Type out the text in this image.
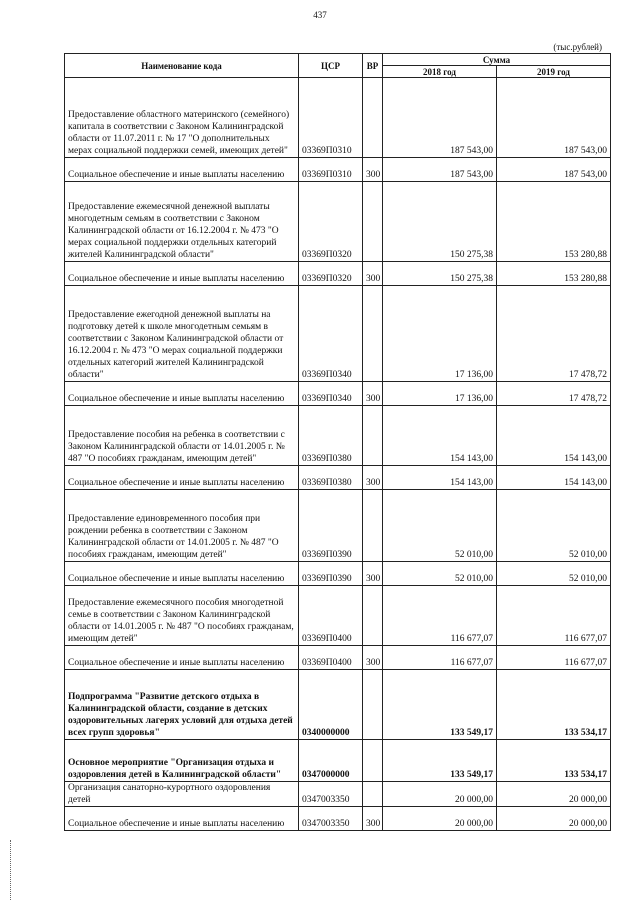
437
(тыс.рублей)
Наименование кода	ЦСР	ВР	Сумма	
			2018 год	2019 год
Предоставление областного материнского (семейного) капитала в соответствии с Законом Калининградской области от 11.07.2011 г. № 17 "О дополнительных мерах социальной поддержки семей, имеющих детей"	03369П0310		187 543,00	187 543,00
Социальное обеспечение и иные выплаты населению	03369П0310	300	187 543,00	187 543,00
Предоставление ежемесячной денежной выплаты многодетным семьям в соответствии с Законом Калининградской области от 16.12.2004 г. № 473 "О мерах социальной поддержки отдельных категорий жителей Калининградской области"	03369П0320		150 275,38	153 280,88
Социальное обеспечение и иные выплаты населению	03369П0320	300	150 275,38	153 280,88
Предоставление ежегодной денежной выплаты на подготовку детей к школе многодетным семьям в соответствии с Законом Калининградской области от 16.12.2004 г. № 473 "О мерах социальной поддержки отдельных категорий жителей Калининградской области"	03369П0340		17 136,00	17 478,72
Социальное обеспечение и иные выплаты населению	03369П0340	300	17 136,00	17 478,72
Предоставление пособия на ребенка в соответствии с Законом Калининградской области от 14.01.2005 г. № 487 "О пособиях гражданам, имеющим детей"	03369П0380		154 143,00	154 143,00
Социальное обеспечение и иные выплаты населению	03369П0380	300	154 143,00	154 143,00
Предоставление единовременного пособия при рождении ребенка в соответствии с Законом Калининградской области от 14.01.2005 г. № 487 "О пособиях гражданам, имеющим детей"	03369П0390		52 010,00	52 010,00
Социальное обеспечение и иные выплаты населению	03369П0390	300	52 010,00	52 010,00
Предоставление ежемесячного пособия многодетной семье в соответствии с Законом Калининградской области от 14.01.2005 г. № 487 "О пособиях гражданам, имеющим детей"	03369П0400		116 677,07	116 677,07
Социальное обеспечение и иные выплаты населению	03369П0400	300	116 677,07	116 677,07
Подпрограмма "Развитие детского отдыха в Калининградской области, создание в детских оздоровительных лагерях условий для отдыха детей всех групп здоровья"	0340000000		133 549,17	133 534,17
Основное мероприятие "Организация отдыха и оздоровления детей в Калининградской области"	0347000000		133 549,17	133 534,17
Организация санаторно-курортного оздоровления детей	0347003350		20 000,00	20 000,00
Социальное обеспечение и иные выплаты населению	0347003350	300	20 000,00	20 000,00
